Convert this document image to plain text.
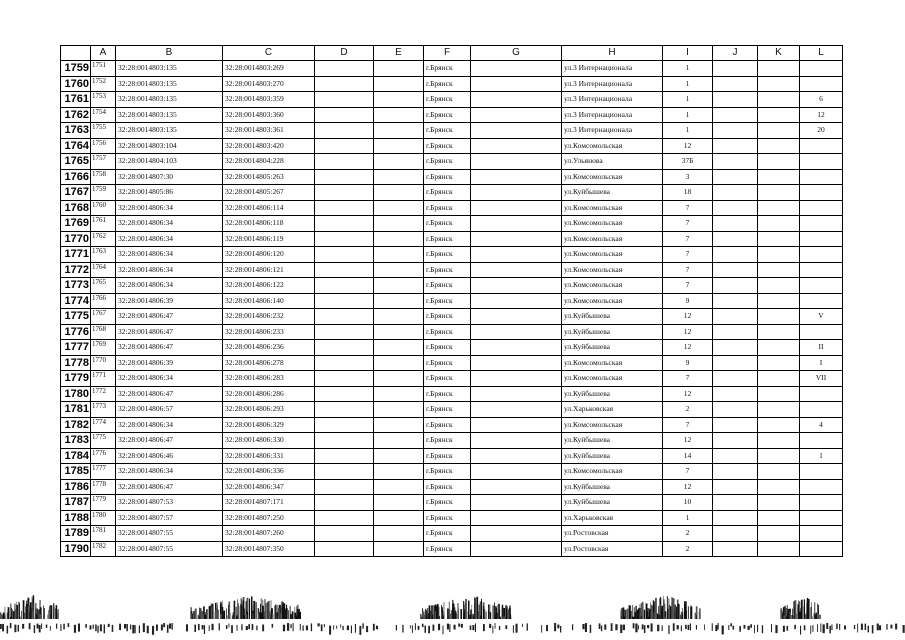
	A	B	C	D	E	F	G	H	I	J	K	L
1759	1751	32:28:0014803:135	32:28:0014803:269			г.Брянск		ул.3 Интернационала	1			
1760	1752	32:28:0014803:135	32:28:0014803:270			г.Брянск		ул.3 Интернационала	1			
1761	1753	32:28:0014803:135	32:28:0014803:359			г.Брянск		ул.3 Интернационала	1			6
1762	1754	32:28:0014803:135	32:28:0014803:360			г.Брянск		ул.3 Интернационала	1			12
1763	1755	32:28:0014803:135	32:28:0014803:361			г.Брянск		ул.3 Интернационала	1			20
1764	1756	32:28:0014803:104	32:28:0014803:420			г.Брянск		ул.Комсомольская	12			
1765	1757	32:28:0014804:103	32:28:0014804:228			г.Брянск		ул.Ульянова	37Б			
1766	1758	32:28:0014807:30	32:28:0014805:263			г.Брянск		ул.Комсомольская	3			
1767	1759	32:28:0014805:86	32:28:0014805:267			г.Брянск		ул.Куйбышева	18			
1768	1760	32:28:0014806:34	32:28:0014806:114			г.Брянск		ул.Комсомольская	7			
1769	1761	32:28:0014806:34	32:28:0014806:118			г.Брянск		ул.Комсомольская	7			
1770	1762	32:28:0014806:34	32:28:0014806:119			г.Брянск		ул.Комсомольская	7			
1771	1763	32:28:0014806:34	32:28:0014806:120			г.Брянск		ул.Комсомольская	7			
1772	1764	32:28:0014806:34	32:28:0014806:121			г.Брянск		ул.Комсомольская	7			
1773	1765	32:28:0014806:34	32:28:0014806:122			г.Брянск		ул.Комсомольская	7			
1774	1766	32:28:0014806:39	32:28:0014806:140			г.Брянск		ул.Комсомольская	9			
1775	1767	32:28:0014806:47	32:28:0014806:232			г.Брянск		ул.Куйбышева	12			V
1776	1768	32:28:0014806:47	32:28:0014806:233			г.Брянск		ул.Куйбышева	12			
1777	1769	32:28:0014806:47	32:28:0014806:236			г.Брянск		ул.Куйбышева	12			II
1778	1770	32:28:0014806:39	32:28:0014806:278			г.Брянск		ул.Комсомольская	9			I
1779	1771	32:28:0014806:34	32:28:0014806:283			г.Брянск		ул.Комсомольская	7			VII
1780	1772	32:28:0014806:47	32:28:0014806:286			г.Брянск		ул.Куйбышева	12			
1781	1773	32:28:0014806:57	32:28:0014806:293			г.Брянск		ул.Харьковская	2			
1782	1774	32:28:0014806:34	32:28:0014806:329			г.Брянск		ул.Комсомольская	7			4
1783	1775	32:28:0014806:47	32:28:0014806:330			г.Брянск		ул.Куйбышева	12			
1784	1776	32:28:0014806:46	32:28:0014806:331			г.Брянск		ул.Куйбышева	14			1
1785	1777	32:28:0014806:34	32:28:0014806:336			г.Брянск		ул.Комсомольская	7			
1786	1778	32:28:0014806:47	32:28:0014806:347			г.Брянск		ул.Куйбышева	12			
1787	1779	32:28:0014807:53	32:28:0014807:171			г.Брянск		ул.Куйбышева	10			
1788	1780	32:28:0014807:57	32:28:0014807:250			г.Брянск		ул.Харьковская	1			
1789	1781	32:28:0014807:55	32:28:0014807:260			г.Брянск		ул.Ростовская	2			
1790	1782	32:28:0014807:55	32:28:0014807:350			г.Брянск		ул.Ростовская	2			
